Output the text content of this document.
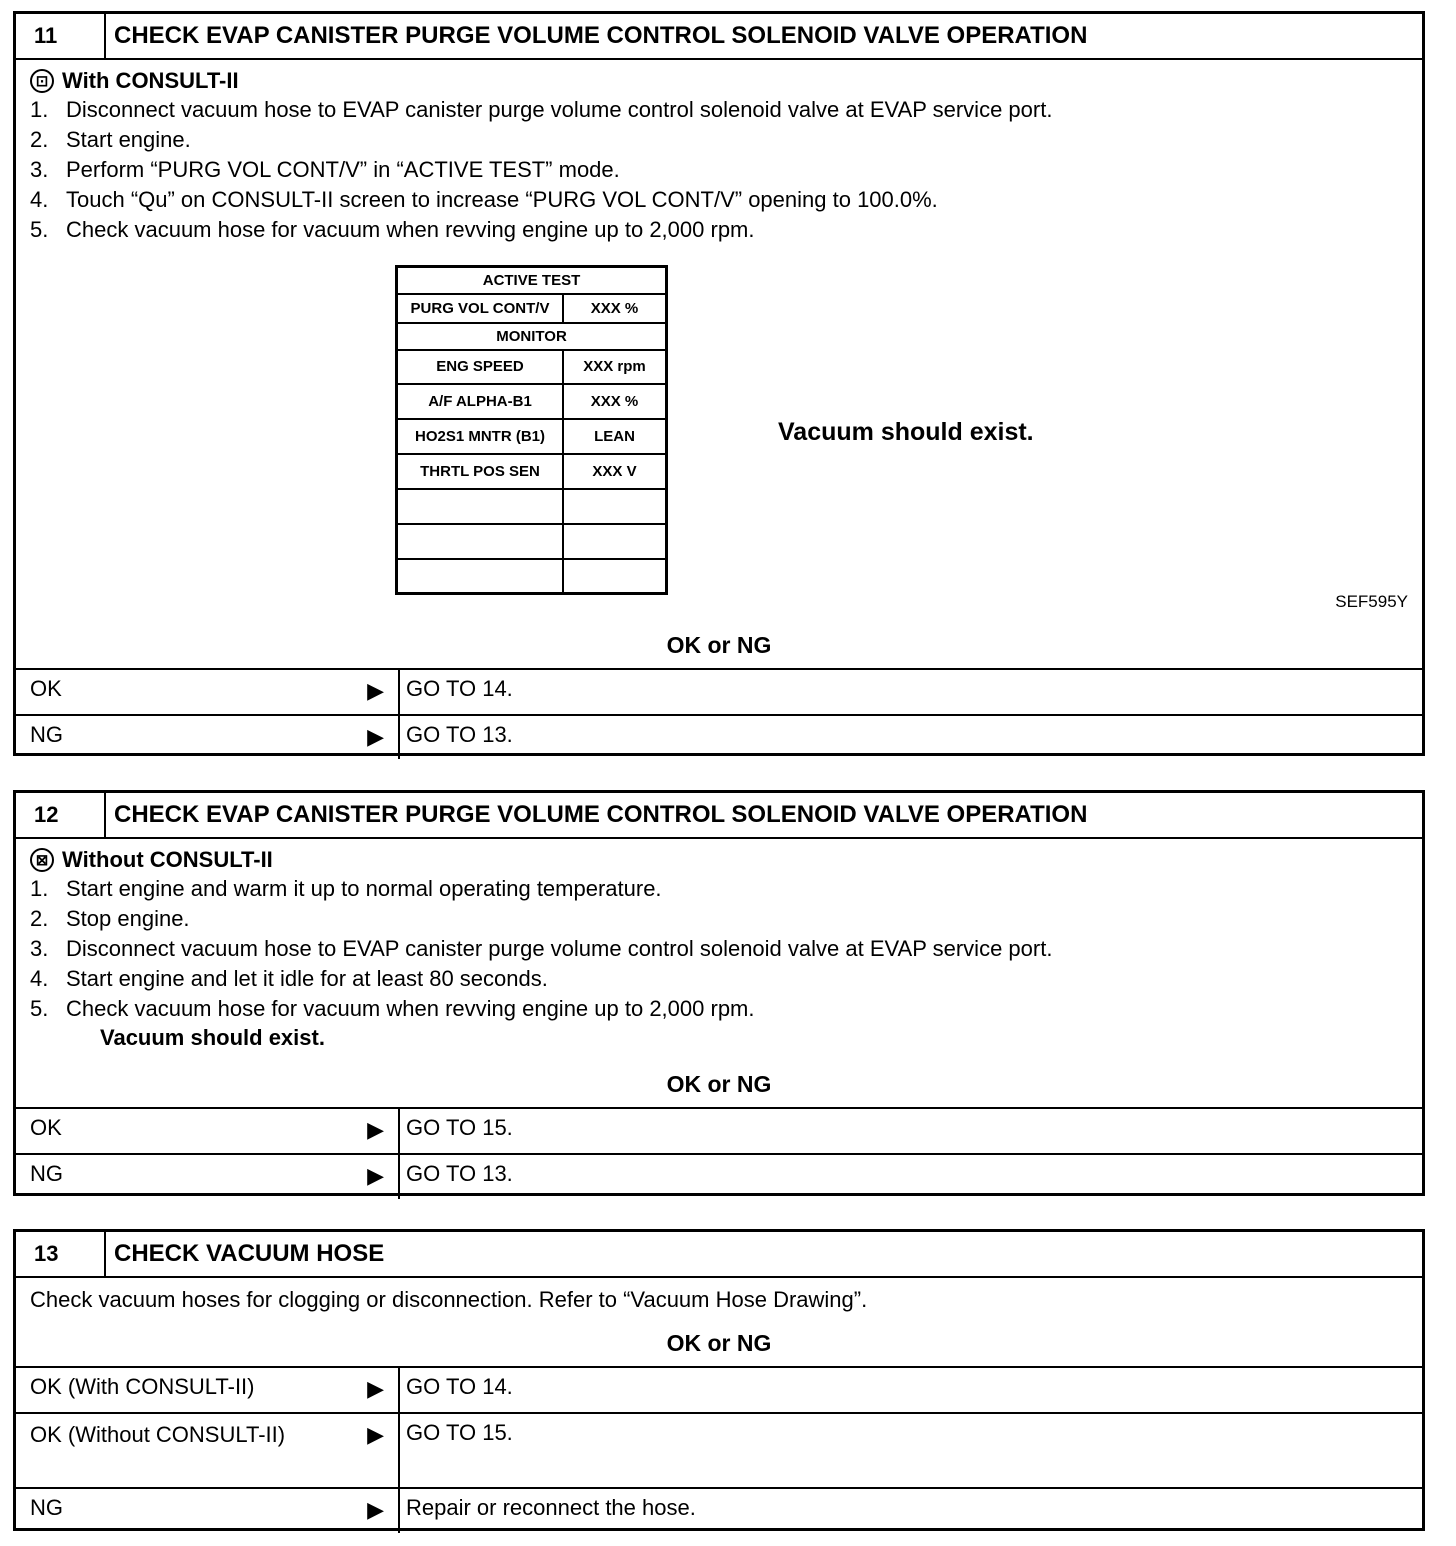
11	CHECK EVAP CANISTER PURGE VOLUME CONTROL SOLENOID VALVE OPERATION
⊡ With CONSULT-II
1. Disconnect vacuum hose to EVAP canister purge volume control solenoid valve at EVAP service port.
2. Start engine.
3. Perform “PURG VOL CONT/V” in “ACTIVE TEST” mode.
4. Touch “Qu” on CONSULT-II screen to increase “PURG VOL CONT/V” opening to 100.0%.
5. Check vacuum hose for vacuum when revving engine up to 2,000 rpm.
ACTIVE TEST	
PURG VOL CONT/V	XXX %
MONITOR	
ENG SPEED	XXX rpm
A/F ALPHA-B1	XXX %
HO2S1 MNTR (B1)	LEAN
THRTL POS SEN	XXX V

Vacuum should exist.
SEF595Y
OK or NG
OK	▶ GO TO 14.
NG	▶ GO TO 13.
12	CHECK EVAP CANISTER PURGE VOLUME CONTROL SOLENOID VALVE OPERATION
⊠ Without CONSULT-II
1. Start engine and warm it up to normal operating temperature.
2. Stop engine.
3. Disconnect vacuum hose to EVAP canister purge volume control solenoid valve at EVAP service port.
4. Start engine and let it idle for at least 80 seconds.
5. Check vacuum hose for vacuum when revving engine up to 2,000 rpm.
Vacuum should exist.
OK or NG
OK	▶ GO TO 15.
NG	▶ GO TO 13.
13	CHECK VACUUM HOSE
Check vacuum hoses for clogging or disconnection. Refer to “Vacuum Hose Drawing”.
OK or NG
OK (With CONSULT-II)	▶ GO TO 14.
OK (Without CONSULT-II)	▶ GO TO 15.
NG	▶ Repair or reconnect the hose.
